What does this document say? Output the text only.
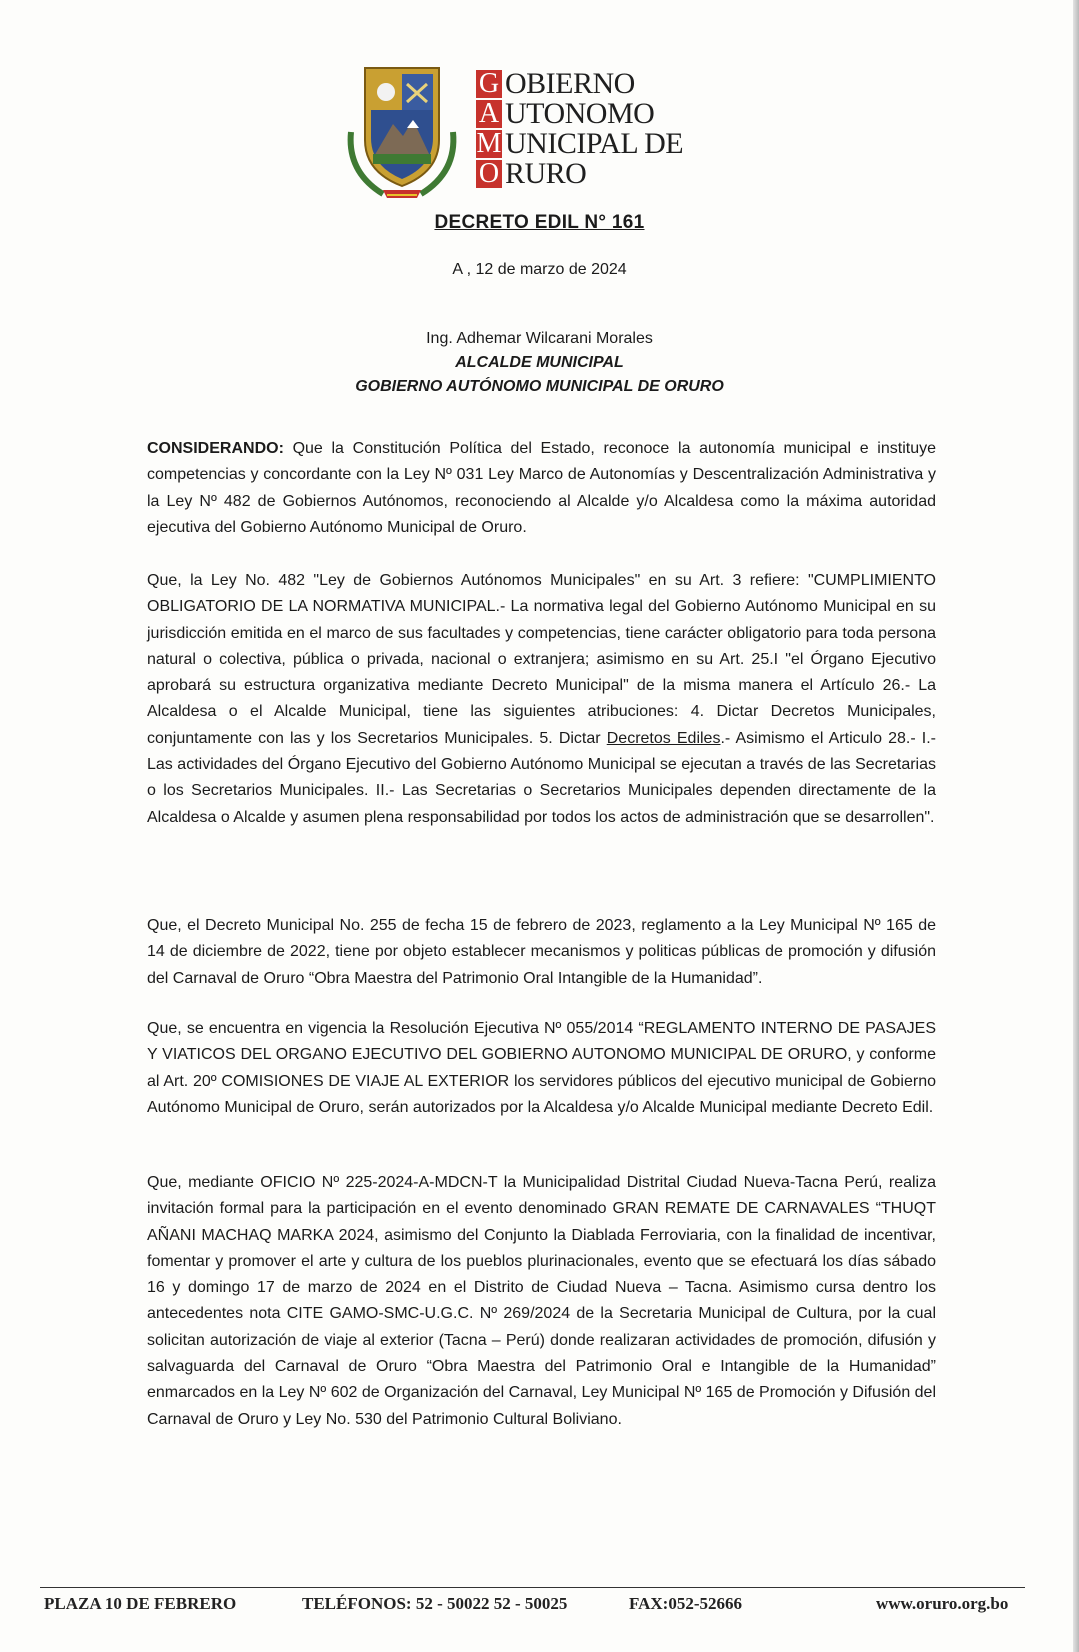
G
A
M
O
OBIERNO
UTONOMO
UNICIPAL DE
RURO
DECRETO EDIL N° 161
A , 12 de marzo de 2024
Ing. Adhemar Wilcarani Morales
ALCALDE MUNICIPAL
GOBIERNO AUTÓNOMO MUNICIPAL DE ORURO

CONSIDERANDO: Que la Constitución Política del Estado, reconoce la autonomía municipal e instituye competencias y concordante con la Ley Nº 031 Ley Marco de Autonomías y Descentralización Administrativa y la Ley Nº 482 de Gobiernos Autónomos, reconociendo al Alcalde y/o Alcaldesa como la máxima autoridad ejecutiva del Gobierno Autónomo Municipal de Oruro.

Que, la Ley No. 482 "Ley de Gobiernos Autónomos Municipales" en su Art. 3 refiere: "CUMPLIMIENTO OBLIGATORIO DE LA NORMATIVA MUNICIPAL.- La normativa legal del Gobierno Autónomo Municipal en su jurisdicción emitida en el marco de sus facultades y competencias, tiene carácter obligatorio para toda persona natural o colectiva, pública o privada, nacional o extranjera; asimismo en su Art. 25.I "el Órgano Ejecutivo aprobará su estructura organizativa mediante Decreto Municipal" de la misma manera el Artículo 26.- La Alcaldesa o el Alcalde Municipal, tiene las siguientes atribuciones: 4. Dictar Decretos Municipales, conjuntamente con las y los Secretarios Municipales. 5. Dictar Decretos Ediles.- Asimismo el Articulo 28.- I.- Las actividades del Órgano Ejecutivo del Gobierno Autónomo Municipal se ejecutan a través de las Secretarias o los Secretarios Municipales. II.- Las Secretarias o Secretarios Municipales dependen directamente de la Alcaldesa o Alcalde y asumen plena responsabilidad por todos los actos de administración que se desarrollen".

Que, el Decreto Municipal No. 255 de fecha 15 de febrero de 2023, reglamento a la Ley Municipal Nº 165 de 14 de diciembre de 2022, tiene por objeto establecer mecanismos y politicas públicas de promoción y difusión del Carnaval de Oruro “Obra Maestra del Patrimonio Oral Intangible de la Humanidad”.

Que, se encuentra en vigencia la Resolución Ejecutiva Nº 055/2014 “REGLAMENTO INTERNO DE PASAJES Y VIATICOS DEL ORGANO EJECUTIVO DEL GOBIERNO AUTONOMO MUNICIPAL DE ORURO, y conforme al Art. 20º COMISIONES DE VIAJE AL EXTERIOR los servidores públicos del ejecutivo municipal de Gobierno Autónomo Municipal de Oruro, serán autorizados por la Alcaldesa y/o Alcalde Municipal mediante Decreto Edil.

Que, mediante OFICIO Nº 225-2024-A-MDCN-T la Municipalidad Distrital Ciudad Nueva-Tacna Perú, realiza invitación formal para la participación en el evento denominado GRAN REMATE DE CARNAVALES “THUQT AÑANI MACHAQ MARKA 2024, asimismo del Conjunto la Diablada Ferroviaria, con la finalidad de incentivar, fomentar y promover el arte y cultura de los pueblos plurinacionales, evento que se efectuará los días sábado 16 y domingo 17 de marzo de 2024 en el Distrito de Ciudad Nueva – Tacna. Asimismo cursa dentro los antecedentes nota CITE GAMO-SMC-U.G.C. Nº 269/2024 de la Secretaria Municipal de Cultura, por la cual solicitan autorización de viaje al exterior (Tacna – Perú) donde realizaran actividades de promoción, difusión y salvaguarda del Carnaval de Oruro “Obra Maestra del Patrimonio Oral e Intangible de la Humanidad” enmarcados en la Ley Nº 602 de Organización del Carnaval, Ley Municipal Nº 165 de Promoción y Difusión del Carnaval de Oruro y Ley No. 530 del Patrimonio Cultural Boliviano.

PLAZA 10 DE FEBRERO	TELÉFONOS: 52 - 50022 52 - 50025	FAX:052-52666	www.oruro.org.bo
